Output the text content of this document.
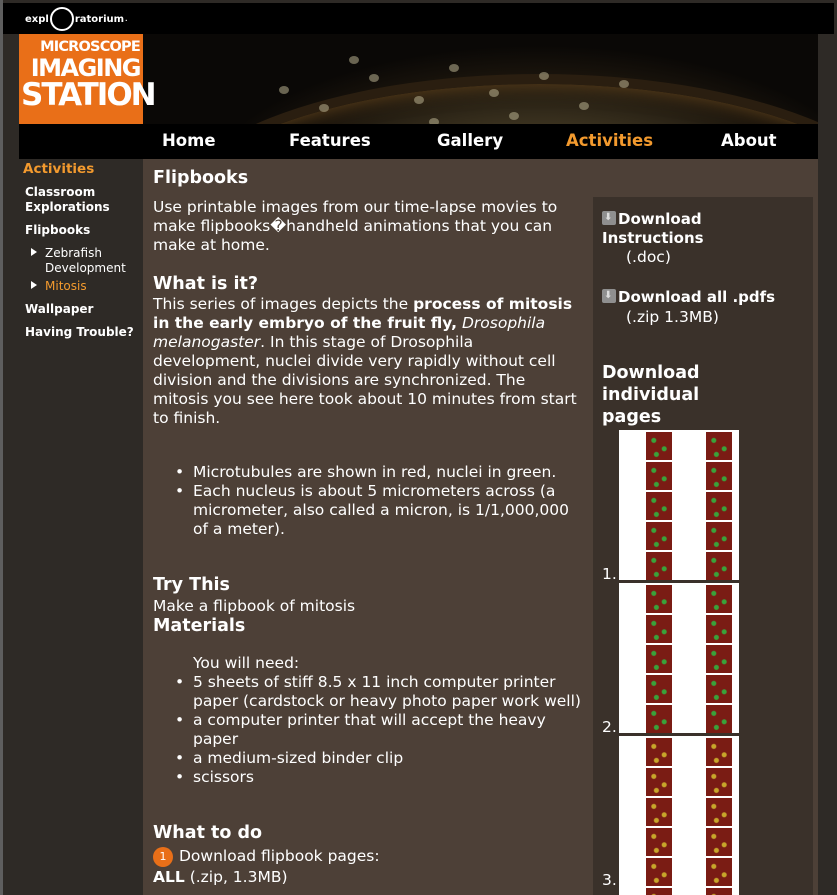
expl	ratorium .
MICROSCOPE
IMAGING
STATION
Home	Features	Gallery	Activities	About
Activities
Classroom Explorations
Flipbooks
Zebrafish Development
Mitosis
Wallpaper
Having Trouble?
Flipbooks

Use printable images from our time-lapse movies to make flipbooks�handheld animations that you can make at home.

What is it?

This series of images depicts the process of mitosis in the early embryo of the fruit fly, Drosophila melanogaster. In this stage of Drosophila development, nuclei divide very rapidly without cell division and the divisions are synchronized. The mitosis you see here took about 10 minutes from start to finish.

• Microtubules are shown in red, nuclei in green.
• Each nucleus is about 5 micrometers across (a micrometer, also called a micron, is 1/1,000,000 of a meter).
Try This

Make a flipbook of mitosis

Materials

You will need:

• 5 sheets of stiff 8.5 x 11 inch computer printer paper (cardstock or heavy photo paper work well)
• a computer printer that will accept the heavy paper
• a medium-sized binder clip
• scissors
What to do

1 Download flipbook pages:

ALL (.zip, 1.3MB)

⬇Download
Instructions
(.doc)
⬇Download all .pdfs
(.zip 1.3MB)
Download
individual
pages
1.
2.
3.
